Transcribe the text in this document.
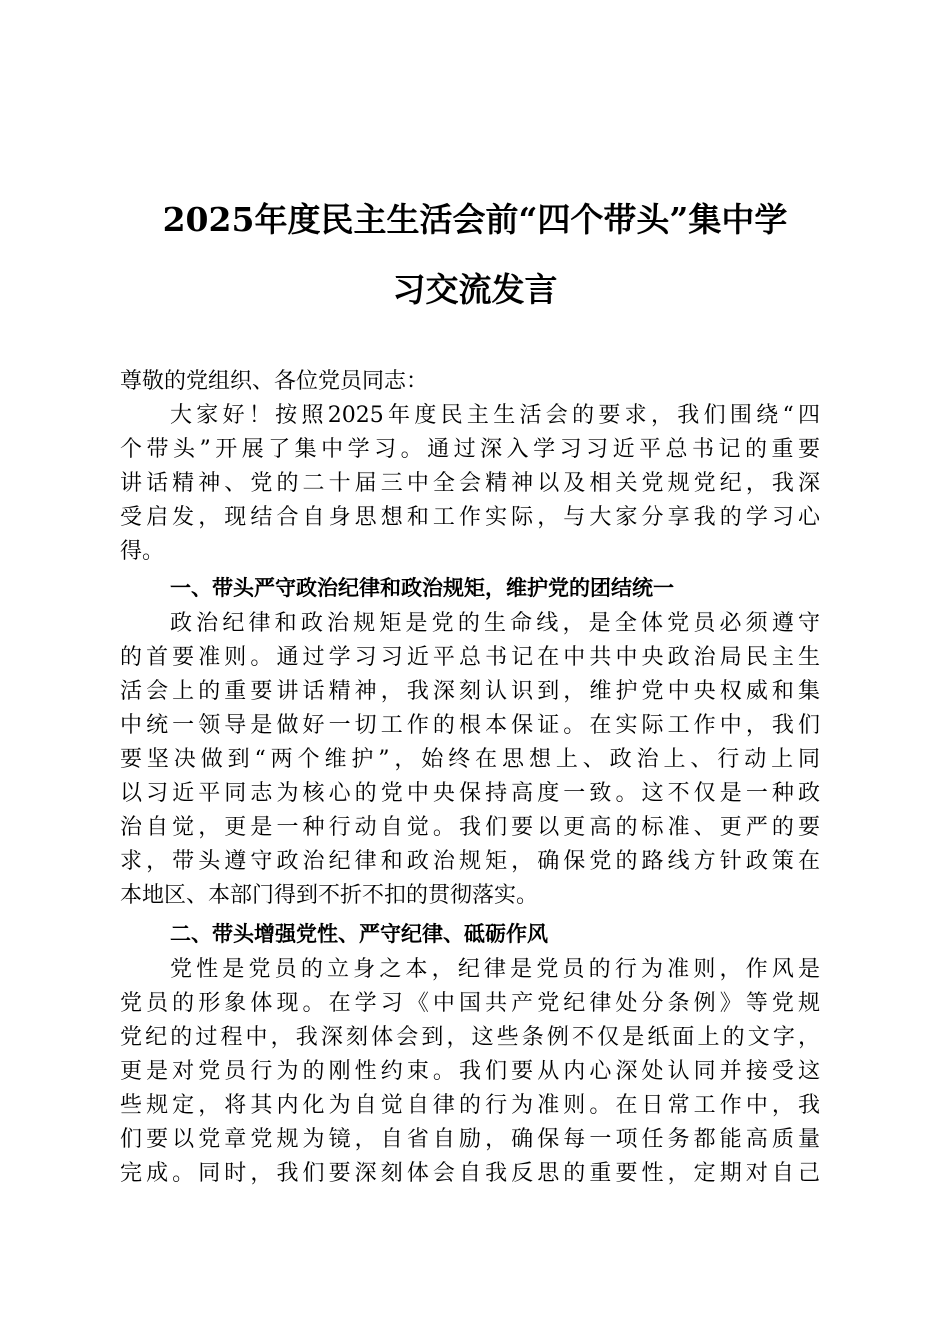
2025年度民主生活会前“四个带头”集中学
习交流发言
尊敬的党组织、各位党员同志：
大家好！按照2025年度民主生活会的要求，我们围绕“四
个带头”开展了集中学习。通过深入学习习近平总书记的重要
讲话精神、党的二十届三中全会精神以及相关党规党纪，我深
受启发，现结合自身思想和工作实际，与大家分享我的学习心
得。
一、带头严守政治纪律和政治规矩，维护党的团结统一
政治纪律和政治规矩是党的生命线，是全体党员必须遵守
的首要准则。通过学习习近平总书记在中共中央政治局民主生
活会上的重要讲话精神，我深刻认识到，维护党中央权威和集
中统一领导是做好一切工作的根本保证。在实际工作中，我们
要坚决做到“两个维护”，始终在思想上、政治上、行动上同
以习近平同志为核心的党中央保持高度一致。这不仅是一种政
治自觉，更是一种行动自觉。我们要以更高的标准、更严的要
求，带头遵守政治纪律和政治规矩，确保党的路线方针政策在
本地区、本部门得到不折不扣的贯彻落实。
二、带头增强党性、严守纪律、砥砺作风
党性是党员的立身之本，纪律是党员的行为准则，作风是
党员的形象体现。在学习《中国共产党纪律处分条例》等党规
党纪的过程中，我深刻体会到，这些条例不仅是纸面上的文字，
更是对党员行为的刚性约束。我们要从内心深处认同并接受这
些规定，将其内化为自觉自律的行为准则。在日常工作中，我
们要以党章党规为镜，自省自励，确保每一项任务都能高质量
完成。同时，我们要深刻体会自我反思的重要性，定期对自己
